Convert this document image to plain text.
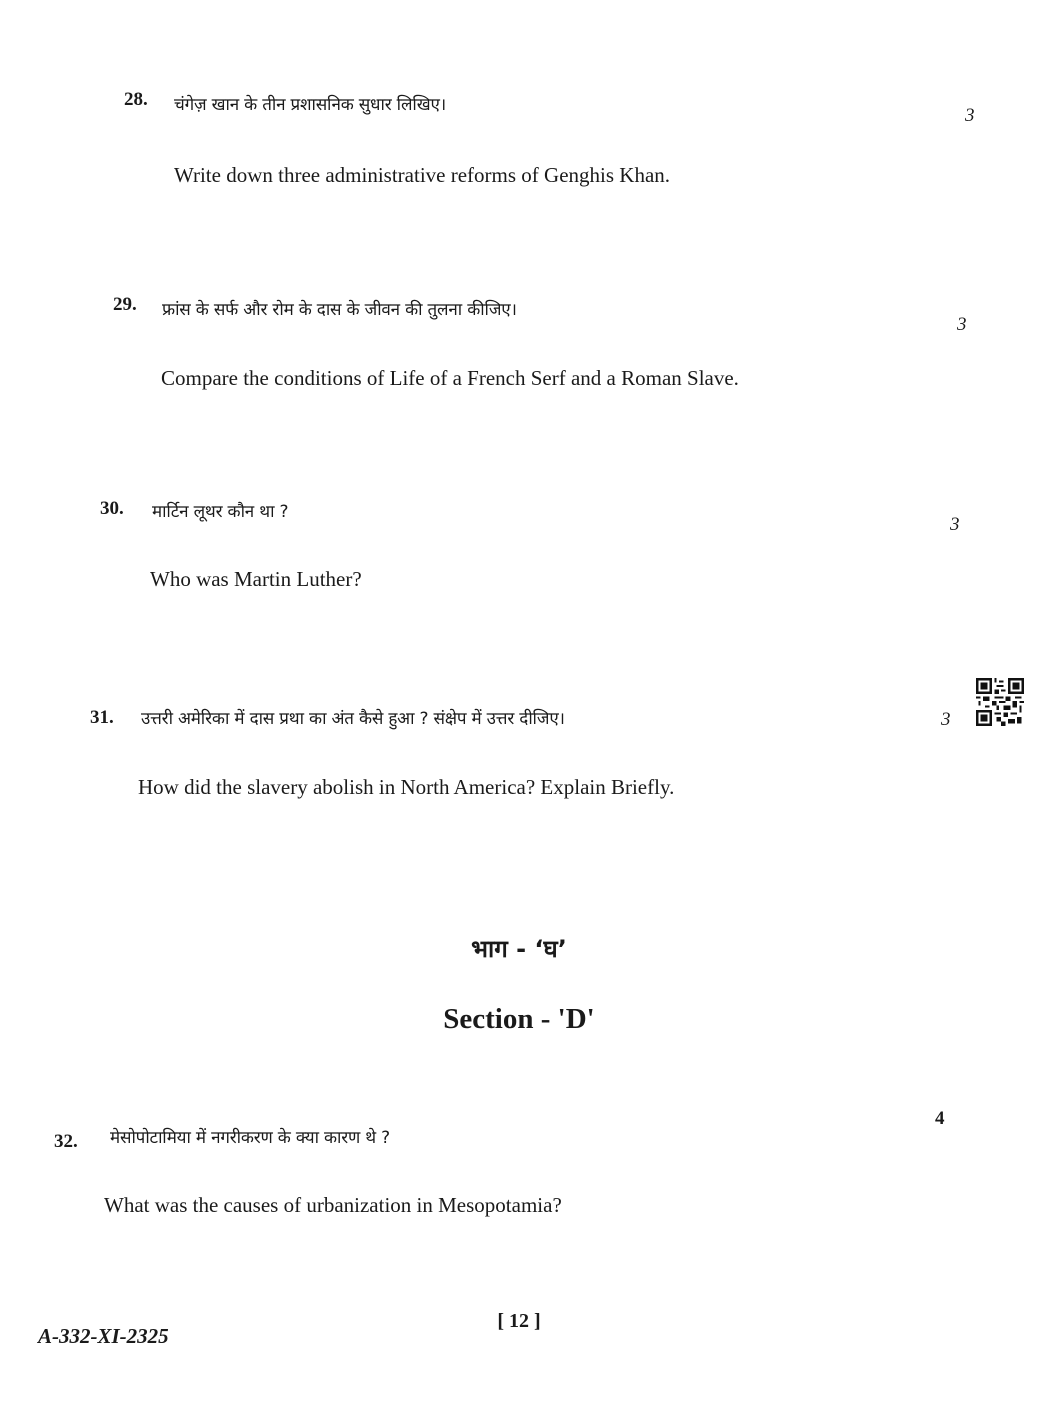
28. चंगेज़ खान के तीन प्रशासनिक सुधार लिखिए।	3
Write down three administrative reforms of Genghis Khan.
29. फ्रांस के सर्फ और रोम के दास के जीवन की तुलना कीजिए।
3
Compare the conditions of Life of a French Serf and a Roman Slave.
30. मार्टिन लूथर कौन था ?
3
Who was Martin Luther?
31. उत्तरी अमेरिका में दास प्रथा का अंत कैसे हुआ ? संक्षेप में उत्तर दीजिए।	3
How did the slavery abolish in North America? Explain Briefly.
भाग - ‘घ’
Section - 'D'
32.
4
मेसोपोटामिया में नगरीकरण के क्या कारण थे ?
What was the causes of urbanization in Mesopotamia?
A-332-XI-2325
[ 12 ]
